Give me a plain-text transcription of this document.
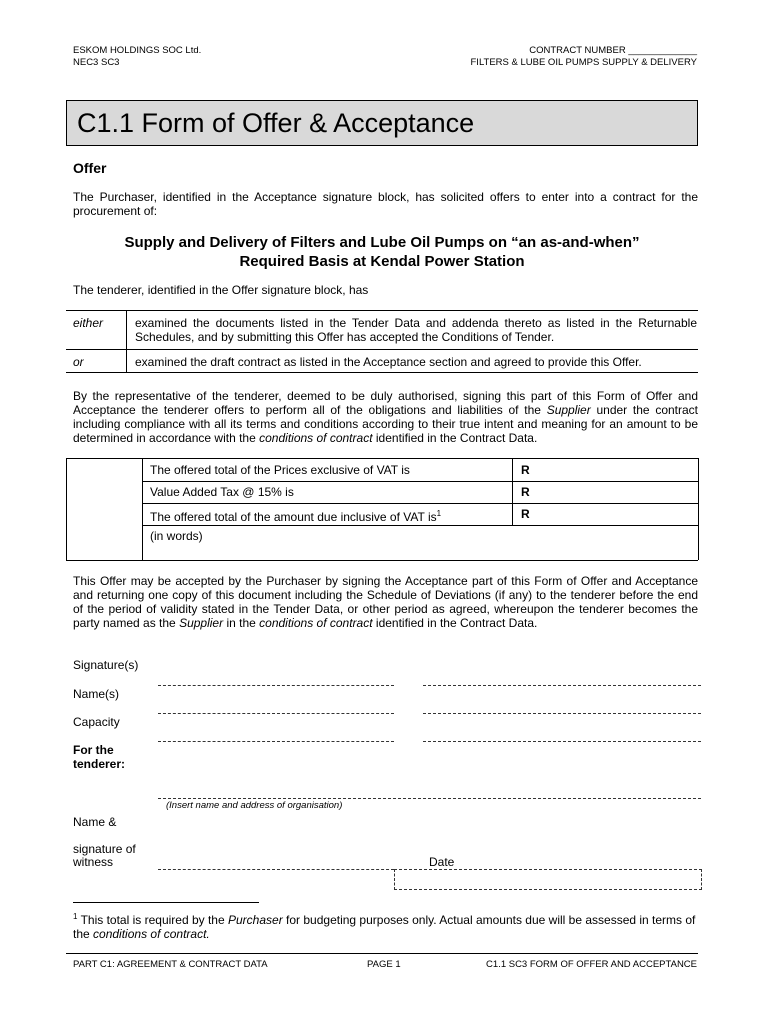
ESKOM HOLDINGS SOC Ltd.
NEC3 SC3
CONTRACT NUMBER _____________
FILTERS & LUBE OIL PUMPS SUPPLY & DELIVERY
C1.1 Form of Offer & Acceptance
Offer
The Purchaser, identified in the Acceptance signature block, has solicited offers to enter into a contract for the procurement of:
Supply and Delivery of Filters and Lube Oil Pumps on “an as-and-when”
Required Basis at Kendal Power Station
The tenderer, identified in the Offer signature block, has
either	examined the documents listed in the Tender Data and addenda thereto as listed in the Returnable Schedules, and by submitting this Offer has accepted the Conditions of Tender.
or	examined the draft contract as listed in the Acceptance section and agreed to provide this Offer.
By the representative of the tenderer, deemed to be duly authorised, signing this part of this Form of Offer and Acceptance the tenderer offers to perform all of the obligations and liabilities of the Supplier under the contract including compliance with all its terms and conditions according to their true intent and meaning for an amount to be determined in accordance with the conditions of contract identified in the Contract Data.
The offered total of the Prices exclusive of VAT is	R
Value Added Tax @ 15% is	R
The offered total of the amount due inclusive of VAT $is^1$	R
(in words)
This Offer may be accepted by the Purchaser by signing the Acceptance part of this Form of Offer and Acceptance and returning one copy of this document including the Schedule of Deviations (if any) to the tenderer before the end of the period of validity stated in the Tender Data, or other period as agreed, whereupon the tenderer becomes the party named as the Supplier in the conditions of contract identified in the Contract Data.
Signature(s)
Name(s)
Capacity
For the
tenderer:
(Insert name and address of organisation)
Name &
signature of
witness	Date
$^1$ This total is required by the Purchaser for budgeting purposes only. Actual amounts due will be assessed in terms of the conditions of contract.
PART C1: AGREEMENT & CONTRACT DATA	PAGE 1	C1.1 SC3 FORM OF OFFER AND ACCEPTANCE
